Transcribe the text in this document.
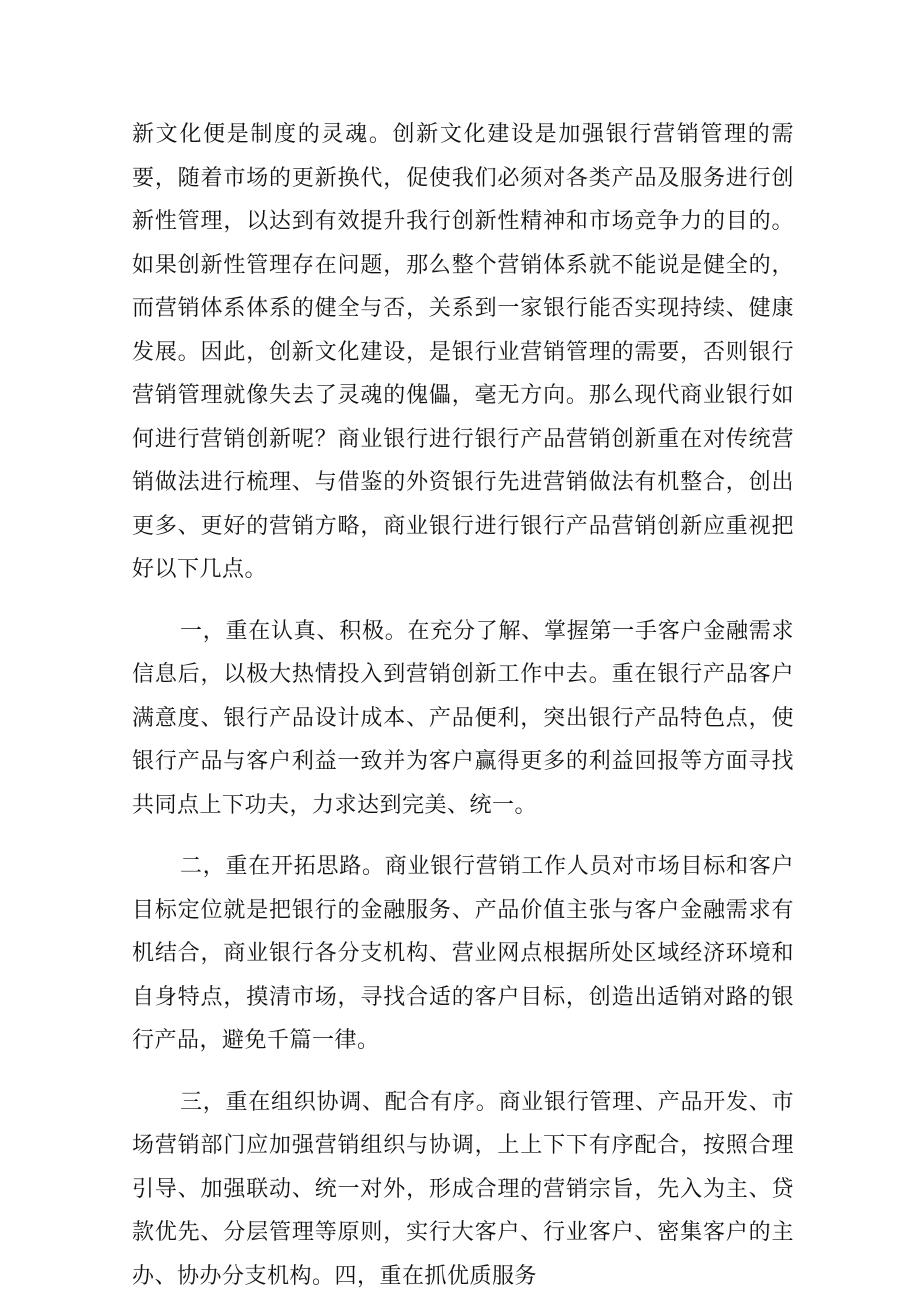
新文化便是制度的灵魂。创新文化建设是加强银行营销管理的需要，随着市场的更新换代，促使我们必须对各类产品及服务进行创新性管理，以达到有效提升我行创新性精神和市场竞争力的目的。如果创新性管理存在问题，那么整个营销体系就不能说是健全的，而营销体系体系的健全与否，关系到一家银行能否实现持续、健康发展。因此，创新文化建设，是银行业营销管理的需要，否则银行营销管理就像失去了灵魂的傀儡，毫无方向。那么现代商业银行如何进行营销创新呢？商业银行进行银行产品营销创新重在对传统营销做法进行梳理、与借鉴的外资银行先进营销做法有机整合，创出更多、更好的营销方略，商业银行进行银行产品营销创新应重视把好以下几点。

一，重在认真、积极。在充分了解、掌握第一手客户金融需求信息后，以极大热情投入到营销创新工作中去。重在银行产品客户满意度、银行产品设计成本、产品便利，突出银行产品特色点，使银行产品与客户利益一致并为客户赢得更多的利益回报等方面寻找共同点上下功夫，力求达到完美、统一。

二，重在开拓思路。商业银行营销工作人员对市场目标和客户目标定位就是把银行的金融服务、产品价值主张与客户金融需求有机结合，商业银行各分支机构、营业网点根据所处区域经济环境和自身特点，摸清市场，寻找合适的客户目标，创造出适销对路的银行产品，避免千篇一律。

三，重在组织协调、配合有序。商业银行管理、产品开发、市场营销部门应加强营销组织与协调，上上下下有序配合，按照合理引导、加强联动、统一对外，形成合理的营销宗旨，先入为主、贷款优先、分层管理等原则，实行大客户、行业客户、密集客户的主办、协办分支机构。四，重在抓优质服务
